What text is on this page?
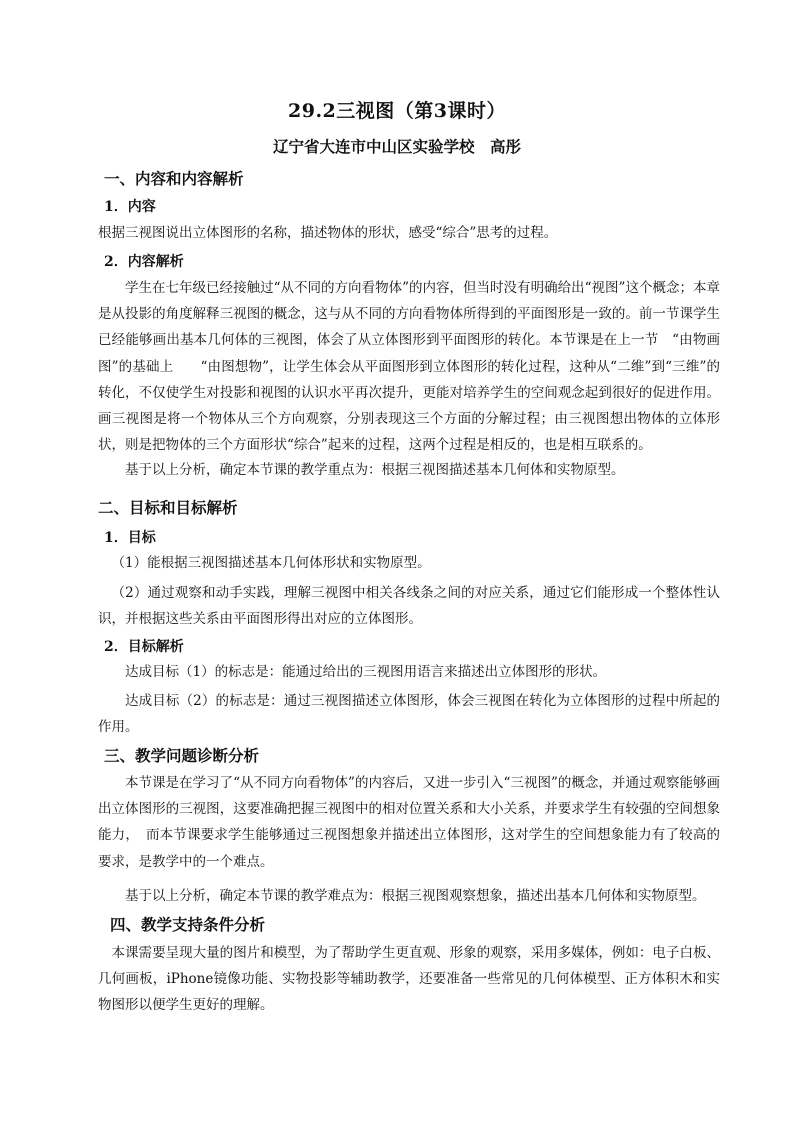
29.2三视图（第3课时）
辽宁省大连市中山区实验学校　高彤
一、内容和内容解析
1．内容

根据三视图说出立体图形的名称，描述物体的形状，感受“综合”思考的过程。

2．内容解析

学生在七年级已经接触过“从不同的方向看物体”的内容，但当时没有明确给出“视图”这个概念；本章是从投影的角度解释三视图的概念，这与从不同的方向看物体所得到的平面图形是一致的。前一节课学生已经能够画出基本几何体的三视图，体会了从立体图形到平面图形的转化。本节课是在上一节　“由物画图”的基础上　　“由图想物”，让学生体会从平面图形到立体图形的转化过程，这种从“二维”到“三维”的转化，不仅使学生对投影和视图的认识水平再次提升，更能对培养学生的空间观念起到很好的促进作用。画三视图是将一个物体从三个方向观察，分别表现这三个方面的分解过程；由三视图想出物体的立体形状，则是把物体的三个方面形状“综合”起来的过程，这两个过程是相反的，也是相互联系的。

基于以上分析，确定本节课的教学重点为：根据三视图描述基本几何体和实物原型。

二、目标和目标解析
1．目标

（1）能根据三视图描述基本几何体形状和实物原型。

（2）通过观察和动手实践，理解三视图中相关各线条之间的对应关系，通过它们能形成一个整体性认识，并根据这些关系由平面图形得出对应的立体图形。

2．目标解析

达成目标（1）的标志是：能通过给出的三视图用语言来描述出立体图形的形状。

达成目标（2）的标志是：通过三视图描述立体图形，体会三视图在转化为立体图形的过程中所起的作用。

三、教学问题诊断分析

本节课是在学习了“从不同方向看物体”的内容后，又进一步引入“三视图”的概念，并通过观察能够画出立体图形的三视图，这要准确把握三视图中的相对位置关系和大小关系，并要求学生有较强的空间想象能力，　而本节课要求学生能够通过三视图想象并描述出立体图形，这对学生的空间想象能力有了较高的要求，是教学中的一个难点。

基于以上分析，确定本节课的教学难点为：根据三视图观察想象，描述出基本几何体和实物原型。

四、教学支持条件分析

本课需要呈现大量的图片和模型，为了帮助学生更直观、形象的观察，采用多媒体，例如：电子白板、几何画板，iPhone镜像功能、实物投影等辅助教学，还要准备一些常见的几何体模型、正方体积木和实物图形以便学生更好的理解。
